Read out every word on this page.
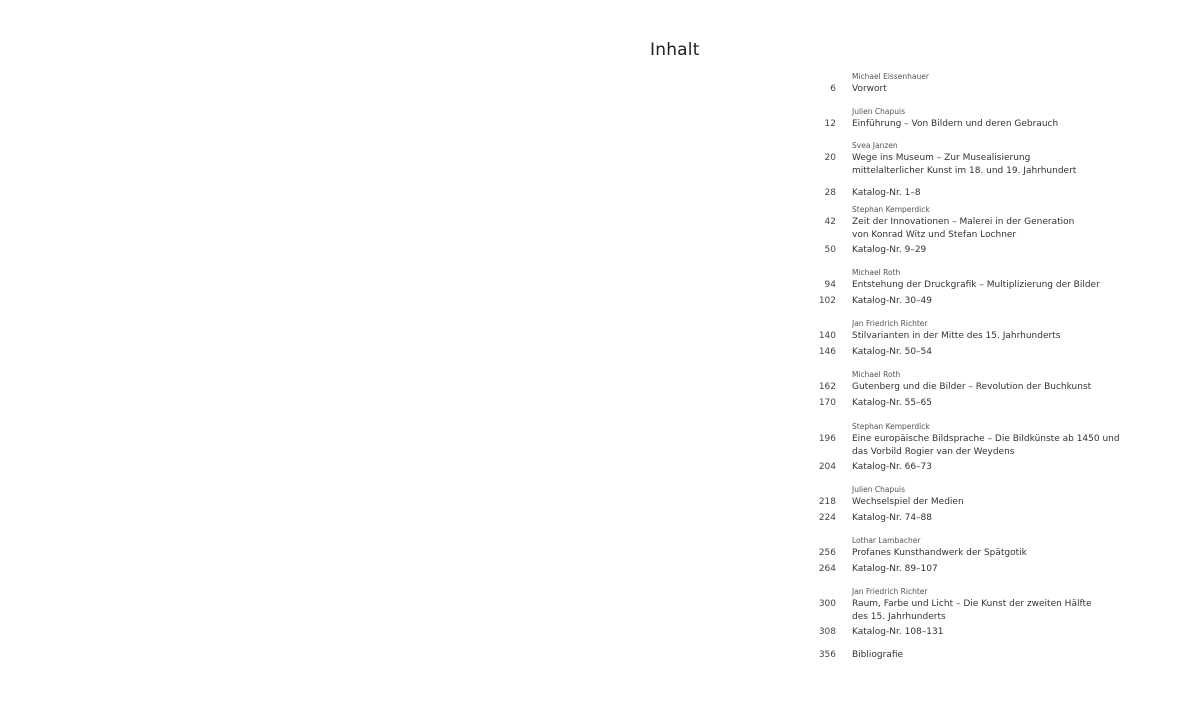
Inhalt
Michael Eissenhauer
6 Vorwort
Julien Chapuis
12 Einführung – Von Bildern und deren Gebrauch
Svea Janzen
20 Wege ins Museum – Zur Musealisierung
mittelalterlicher Kunst im 18. und 19. Jahrhundert
28 Katalog-Nr. 1–8
Stephan Kemperdick
42 Zeit der Innovationen – Malerei in der Generation
von Konrad Witz und Stefan Lochner
50 Katalog-Nr. 9–29
Michael Roth
94 Entstehung der Druckgrafik – Multiplizierung der Bilder
102 Katalog-Nr. 30–49
Jan Friedrich Richter
140 Stilvarianten in der Mitte des 15. Jahrhunderts
146 Katalog-Nr. 50–54
Michael Roth
162 Gutenberg und die Bilder – Revolution der Buchkunst
170 Katalog-Nr. 55–65
Stephan Kemperdick
196 Eine europäische Bildsprache – Die Bildkünste ab 1450 und
das Vorbild Rogier van der Weydens
204 Katalog-Nr. 66–73
Julien Chapuis
218 Wechselspiel der Medien
224 Katalog-Nr. 74–88
Lothar Lambacher
256 Profanes Kunsthandwerk der Spätgotik
264 Katalog-Nr. 89–107
Jan Friedrich Richter
300 Raum, Farbe und Licht – Die Kunst der zweiten Hälfte
des 15. Jahrhunderts
308 Katalog-Nr. 108–131
356 Bibliografie
